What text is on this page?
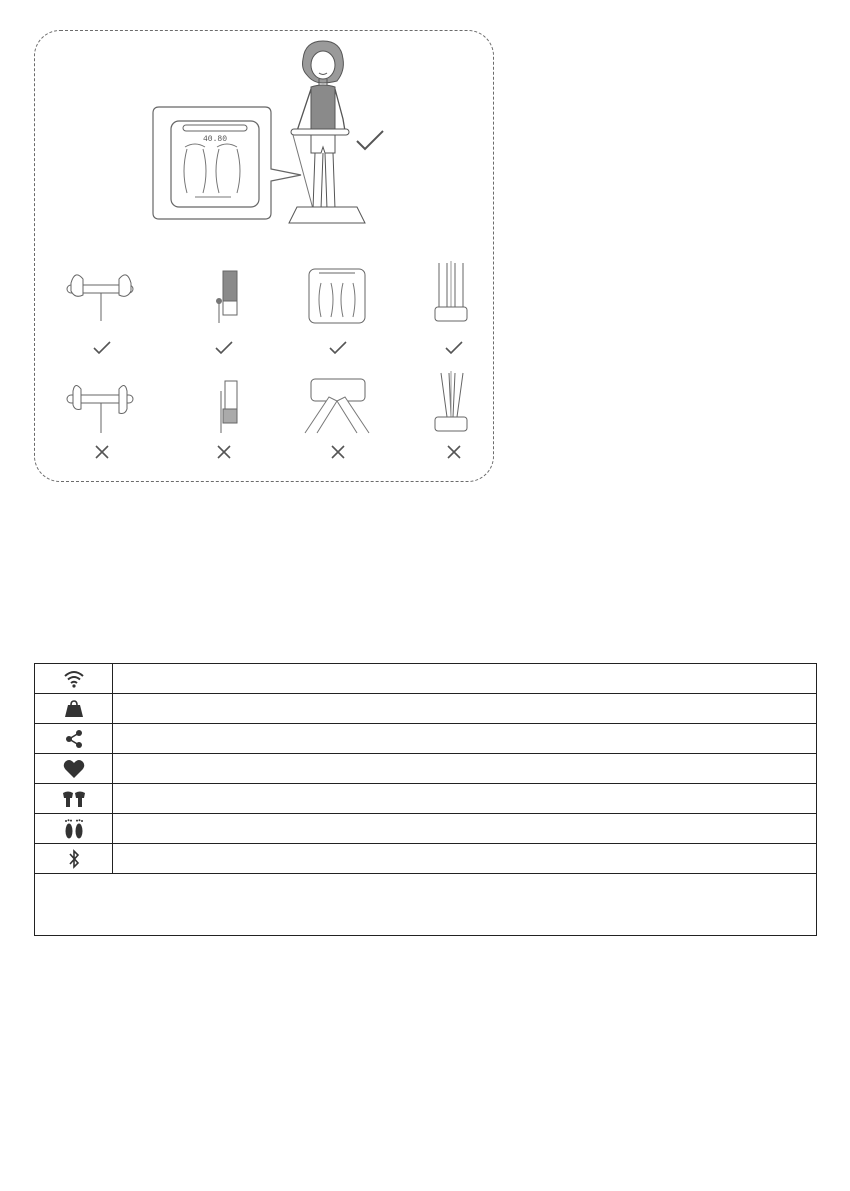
40.80
